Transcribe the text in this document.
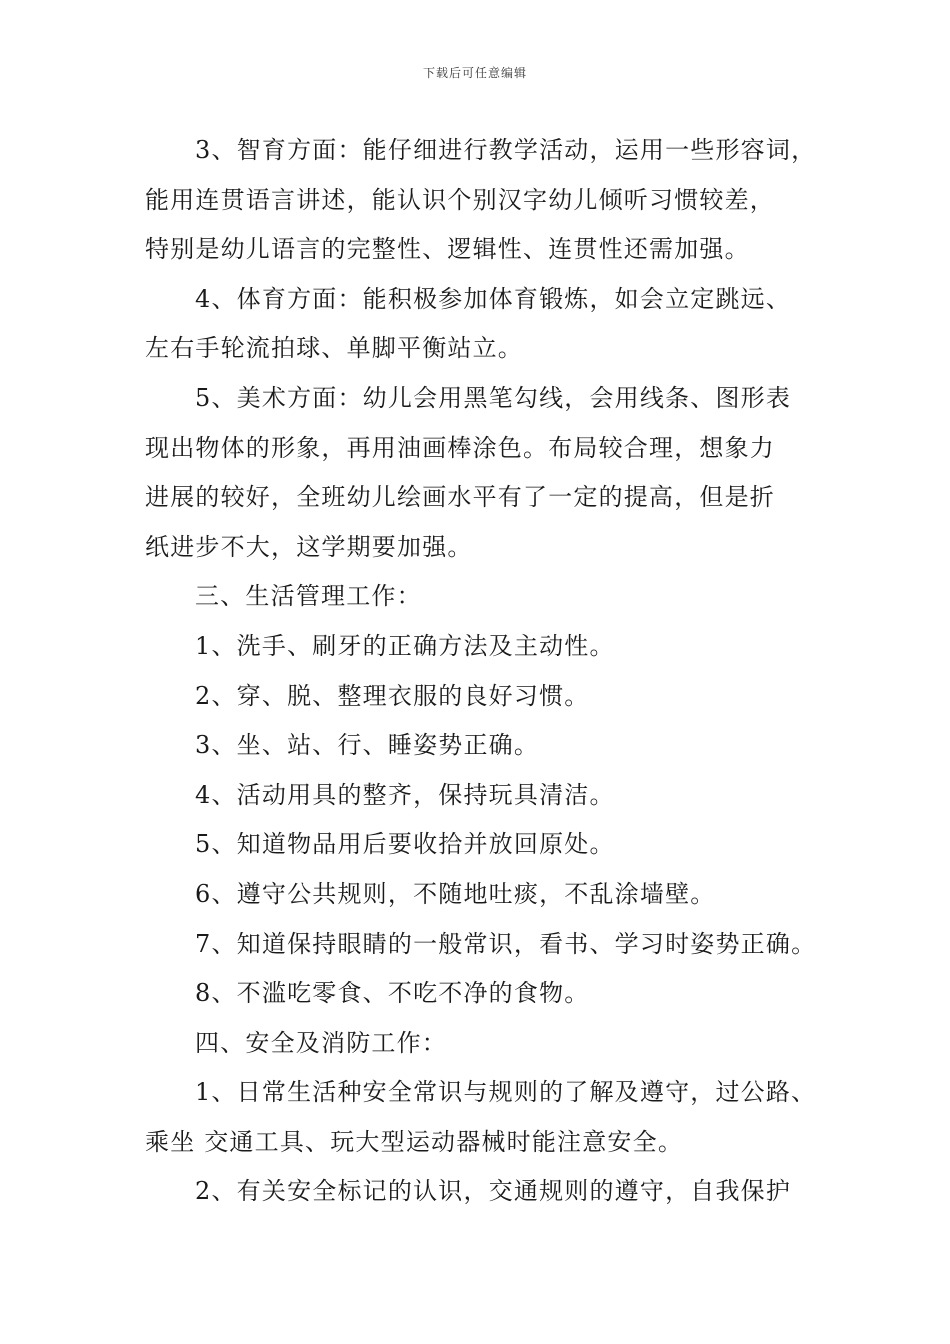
下载后可任意编辑
3、智育方面：能仔细进行教学活动，运用一些形容词，
能用连贯语言讲述，能认识个别汉字幼儿倾听习惯较差，
特别是幼儿语言的完整性、逻辑性、连贯性还需加强。
4、体育方面：能积极参加体育锻炼，如会立定跳远、
左右手轮流拍球、单脚平衡站立。
5、美术方面：幼儿会用黑笔勾线，会用线条、图形表
现出物体的形象，再用油画棒涂色。布局较合理，想象力
进展的较好，全班幼儿绘画水平有了一定的提高，但是折
纸进步不大，这学期要加强。
三、生活管理工作：
1、洗手、刷牙的正确方法及主动性。
2、穿、脱、整理衣服的良好习惯。
3、坐、站、行、睡姿势正确。
4、活动用具的整齐，保持玩具清洁。
5、知道物品用后要收拾并放回原处。
6、遵守公共规则，不随地吐痰，不乱涂墙壁。
7、知道保持眼睛的一般常识，看书、学习时姿势正确。
8、不滥吃零食、不吃不净的食物。
四、安全及消防工作：
1、日常生活种安全常识与规则的了解及遵守，过公路、
乘坐 交通工具、玩大型运动器械时能注意安全。
2、有关安全标记的认识，交通规则的遵守，自我保护
